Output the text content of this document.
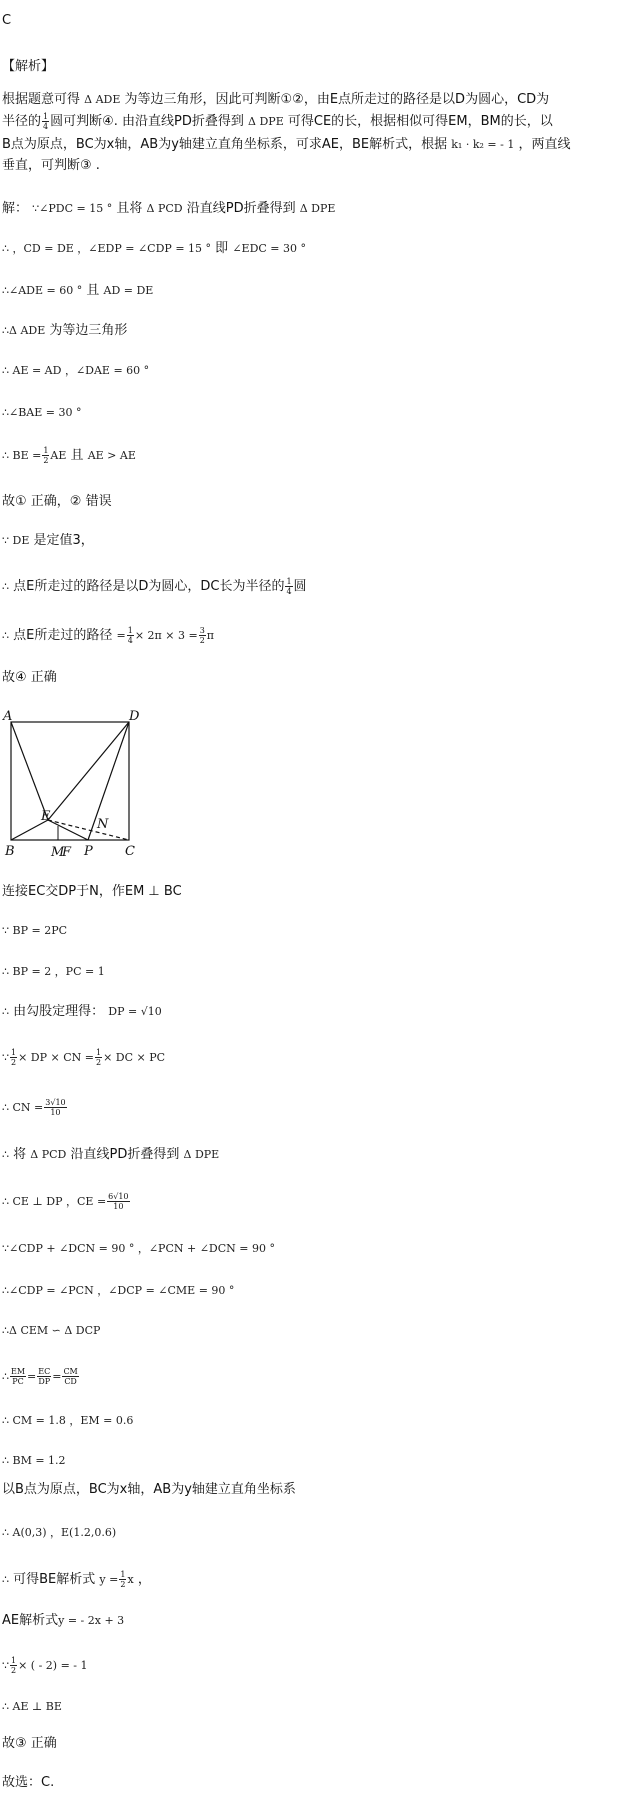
C
【解析】
根据题意可得 Δ ADE 为等边三角形，因此可判断①②，由E点所走过的路径是以D为圆心，CD为
半径的 $\frac{1}{4}$ 圆可判断④. 由沿直线PD折叠得到 Δ DPE 可得CE的长，根据相似可得EM，BM的长，以
B点为原点，BC为x轴，AB为y轴建立直角坐标系，可求AE，BE解析式，根据 k₁ · k₂ = - 1 ，两直线
垂直，可判断③ .
解： ∵∠PDC = 15 ° 且将 Δ PCD 沿直线PD折叠得到 Δ DPE
∴ ，CD = DE ，∠EDP = ∠CDP = 15 ° 即 ∠EDC = 30 °
∴∠ADE = 60 ° 且 AD = DE
∴Δ ADE 为等边三角形
∴ AE = AD ，∠DAE = 60 °
∴∠BAE = 30 °
∴ BE = $\frac{1}{2}$ AE 且 AE > AE
故① 正确，② 错误
∵ DE 是定值3，
∴ 点E所走过的路径是以D为圆心，DC长为半径的 $\frac{1}{4}$ 圆
∴ 点E所走过的路径 = $\frac{1}{4} \times 2\pi \times 3 = \frac{3}{2}$ π
故④ 正确
A	D
E
N
B	M
F P C
连接EC交DP于N，作EM ⊥ BC
∵ BP = 2PC
∴ BP = 2 ，PC = 1
∴ 由勾股定理得： DP = √10
∵ $\frac{1}{2}$ × DP × CN = $\frac{1}{2}$ × DC × PC
∴ CN = $\frac{3√10}{10}$
∴ 将 Δ PCD 沿直线PD折叠得到 Δ DPE
∴ CE ⊥ DP ，CE = $\frac{6√10}{10}$
∵∠CDP + ∠DCN = 90 ° ，∠PCN + ∠DCN = 90 °
∴∠CDP = ∠PCN ，∠DCP = ∠CME = 90 °
∴Δ CEM ∽ Δ DCP
∴ $\frac{EM}{PC} = \frac{EC}{DP} = \frac{CM}{CD}$
∴ CM = 1.8 ，EM = 0.6
∴ BM = 1.2
以B点为原点，BC为x轴，AB为y轴建立直角坐标系
∴ A(0,3) ，E(1.2,0.6)
∴ 可得BE解析式 $y = \frac{1}{2}$ x ，
AE解析式y = - 2x + 3
∵ $\frac{1}{2}$ × ( - 2) = - 1
∴ AE ⊥ BE
故③ 正确
故选：C.
